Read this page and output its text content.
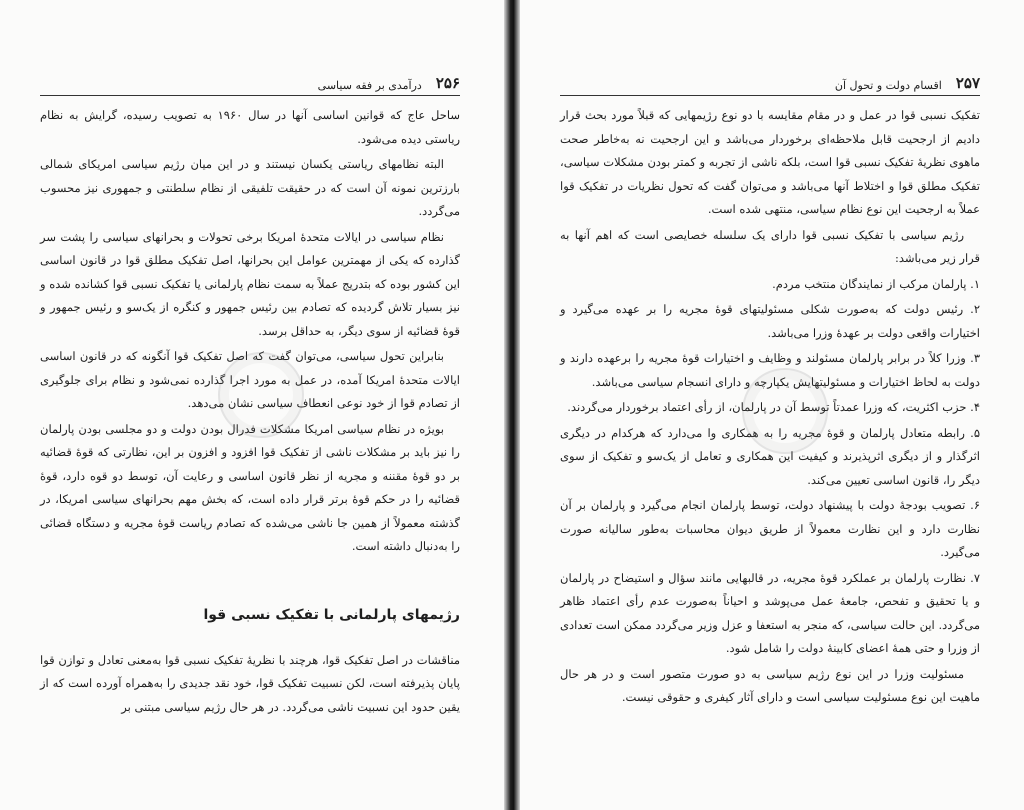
۲۵۶
درآمدی بر فقه سیاسی

ساحل عاج که قوانین اساسی آنها در سال ۱۹۶۰ به تصویب رسیده، گرایش به نظام ریاستی دیده می‌شود.

البته نظامهای ریاستی یکسان نیستند و در این میان رژیم سیاسی امریکای شمالی بارزترین نمونه آن است که در حقیقت تلفیقی از نظام سلطنتی و جمهوری نیز محسوب می‌گردد.

نظام سیاسی در ایالات متحدهٔ امریکا برخی تحولات و بحرانهای سیاسی را پشت سر گذارده که یکی از مهمترین عوامل این بحرانها، اصل تفکیک مطلق قوا در قانون اساسی این کشور بوده که بتدریج عملاً به سمت نظام پارلمانی یا تفکیک نسبی قوا کشانده شده و نیز بسیار تلاش گردیده که تصادم بین رئیس جمهور و کنگره از یک‌سو و رئیس جمهور و قوهٔ قضائیه از سوی دیگر، به حداقل برسد.

بنابراین تحول سیاسی، می‌توان گفت که اصل تفکیک قوا آنگونه که در قانون اساسی ایالات متحدهٔ امریکا آمده، در عمل به مورد اجرا گذارده نمی‌شود و نظام برای جلوگیری از تصادم قوا از خود نوعی انعطاف سیاسی نشان می‌دهد.

بویژه در نظام سیاسی امریکا مشکلات فدرال بودن دولت و دو مجلسی بودن پارلمان را نیز باید بر مشکلات ناشی از تفکیک قوا افزود و افزون بر این، نظارتی که قوهٔ قضائیه بر دو قوهٔ مقننه و مجریه از نظر قانون اساسی و رعایت آن، توسط دو قوه دارد، قوهٔ قضائیه را در حکم قوهٔ برتر قرار داده است، که بخش مهم بحرانهای سیاسی امریکا، در گذشته معمولاً از همین جا ناشی می‌شده که تصادم ریاست قوهٔ مجریه و دستگاه قضائی را به‌دنبال داشته است.

رژیمهای پارلمانی با تفکیک نسبی قوا

مناقشات در اصل تفکیک قوا، هرچند با نظریهٔ تفکیک نسبی قوا به‌معنی تعادل و توازن قوا پایان پذیرفته است، لکن نسبیت تفکیک قوا، خود نقد جدیدی را به‌همراه آورده است که از یقین حدود این نسبیت ناشی می‌گردد. در هر حال رژیم سیاسی مبتنی بر

۲۵۷
اقسام دولت و تحول آن

تفکیک نسبی قوا در عمل و در مقام مقایسه با دو نوع رژیمهایی که قبلاً مورد بحث قرار دادیم از ارجحیت قابل ملاحظه‌ای برخوردار می‌باشد و این ارجحیت نه به‌خاطر صحت ماهوی نظریهٔ تفکیک نسبی قوا است، بلکه ناشی از تجربه و کمتر بودن مشکلات سیاسی، تفکیک مطلق قوا و اختلاط آنها می‌باشد و می‌توان گفت که تحول نظریات در تفکیک قوا عملاً به ارجحیت این نوع نظام سیاسی، منتهی شده است.

رژیم سیاسی با تفکیک نسبی قوا دارای یک سلسله خصایصی است که اهم آنها به قرار زیر می‌باشد:

۱. پارلمان مرکب از نمایندگان منتخب مردم.

۲. رئیس دولت که به‌صورت شکلی مسئولیتهای قوهٔ مجریه را بر عهده می‌گیرد و اختیارات واقعی دولت بر عهدهٔ وزرا می‌باشد.

۳. وزرا کلاً در برابر پارلمان مسئولند و وظایف و اختیارات قوهٔ مجریه را برعهده دارند و دولت به لحاظ اختیارات و مسئولیتهایش یکپارچه و دارای انسجام سیاسی می‌باشد.

۴. حزب اکثریت، که وزرا عمدتاً توسط آن در پارلمان، از رأی اعتماد برخوردار می‌گردند.

۵. رابطه متعادل پارلمان و قوهٔ مجریه را به همکاری وا می‌دارد که هرکدام در دیگری اثرگذار و از دیگری اثرپذیرند و کیفیت این همکاری و تعامل از یک‌سو و تفکیک از سوی دیگر را، قانون اساسی تعیین می‌کند.

۶. تصویب بودجهٔ دولت با پیشنهاد دولت، توسط پارلمان انجام می‌گیرد و پارلمان بر آن نظارت دارد و این نظارت معمولاً از طریق دیوان محاسبات به‌طور سالیانه صورت می‌گیرد.

۷. نظارت پارلمان بر عملکرد قوهٔ مجریه، در قالبهایی مانند سؤال و استیضاح در پارلمان و یا تحقیق و تفحص، جامعهٔ عمل می‌پوشد و احیاناً به‌صورت عدم رأی اعتماد ظاهر می‌گردد. این حالت سیاسی، که منجر به استعفا و عزل وزیر می‌گردد ممکن است تعدادی از وزرا و حتی همهٔ اعضای کابینهٔ دولت را شامل شود.

مسئولیت وزرا در این نوع رژیم سیاسی به دو صورت متصور است و در هر حال ماهیت این نوع مسئولیت سیاسی است و دارای آثار کیفری و حقوقی نیست.
